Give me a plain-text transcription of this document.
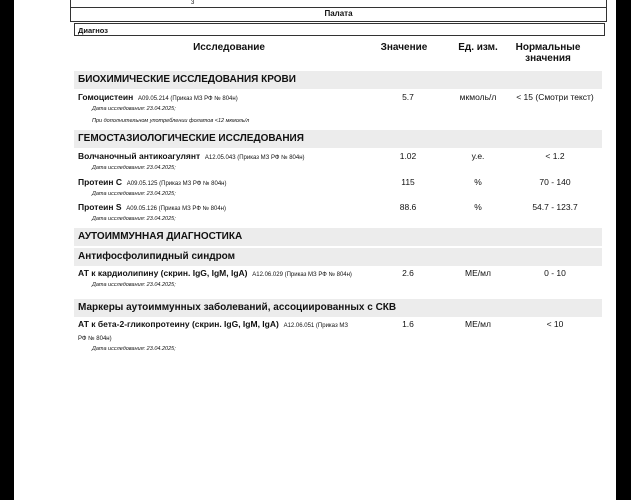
3
Палата
Диагноз
Исследование	Значение	Ед. изм.	Нормальные
значения
БИОХИМИЧЕСКИЕ ИССЛЕДОВАНИЯ КРОВИ
Гомоцистеин A09.05.214 (Приказ МЗ РФ № 804н)
Дата исследования: 23.04.2025;
При дополнительном употреблении фолатов <12 мкмоль/л
5.7	мкмоль/л	< 15 (Смотри текст)
ГЕМОСТАЗИОЛОГИЧЕСКИЕ ИССЛЕДОВАНИЯ
Волчаночный антикоагулянт A12.05.043 (Приказ МЗ РФ № 804н)
Дата исследования: 23.04.2025;
1.02	у.е.	< 1.2
Протеин С A09.05.125 (Приказ МЗ РФ № 804н)
Дата исследования: 23.04.2025;
115	%	70 - 140
Протеин S A09.05.126 (Приказ МЗ РФ № 804н)
Дата исследования: 23.04.2025;
88.6	%	54.7 - 123.7
АУТОИММУННАЯ ДИАГНОСТИКА
Антифосфолипидный синдром
АТ к кардиолипину (скрин. IgG, IgM, IgA) A12.06.029 (Приказ МЗ РФ № 804н)
Дата исследования: 23.04.2025;
2.6	МЕ/мл	0 - 10
Маркеры аутоиммунных заболеваний, ассоциированных с СКВ
АТ к бета-2-гликопротеину (скрин. IgG, IgM, IgA) A12.06.051 (Приказ МЗ РФ № 804н)
Дата исследования: 23.04.2025;
1.6	МЕ/мл	< 10
